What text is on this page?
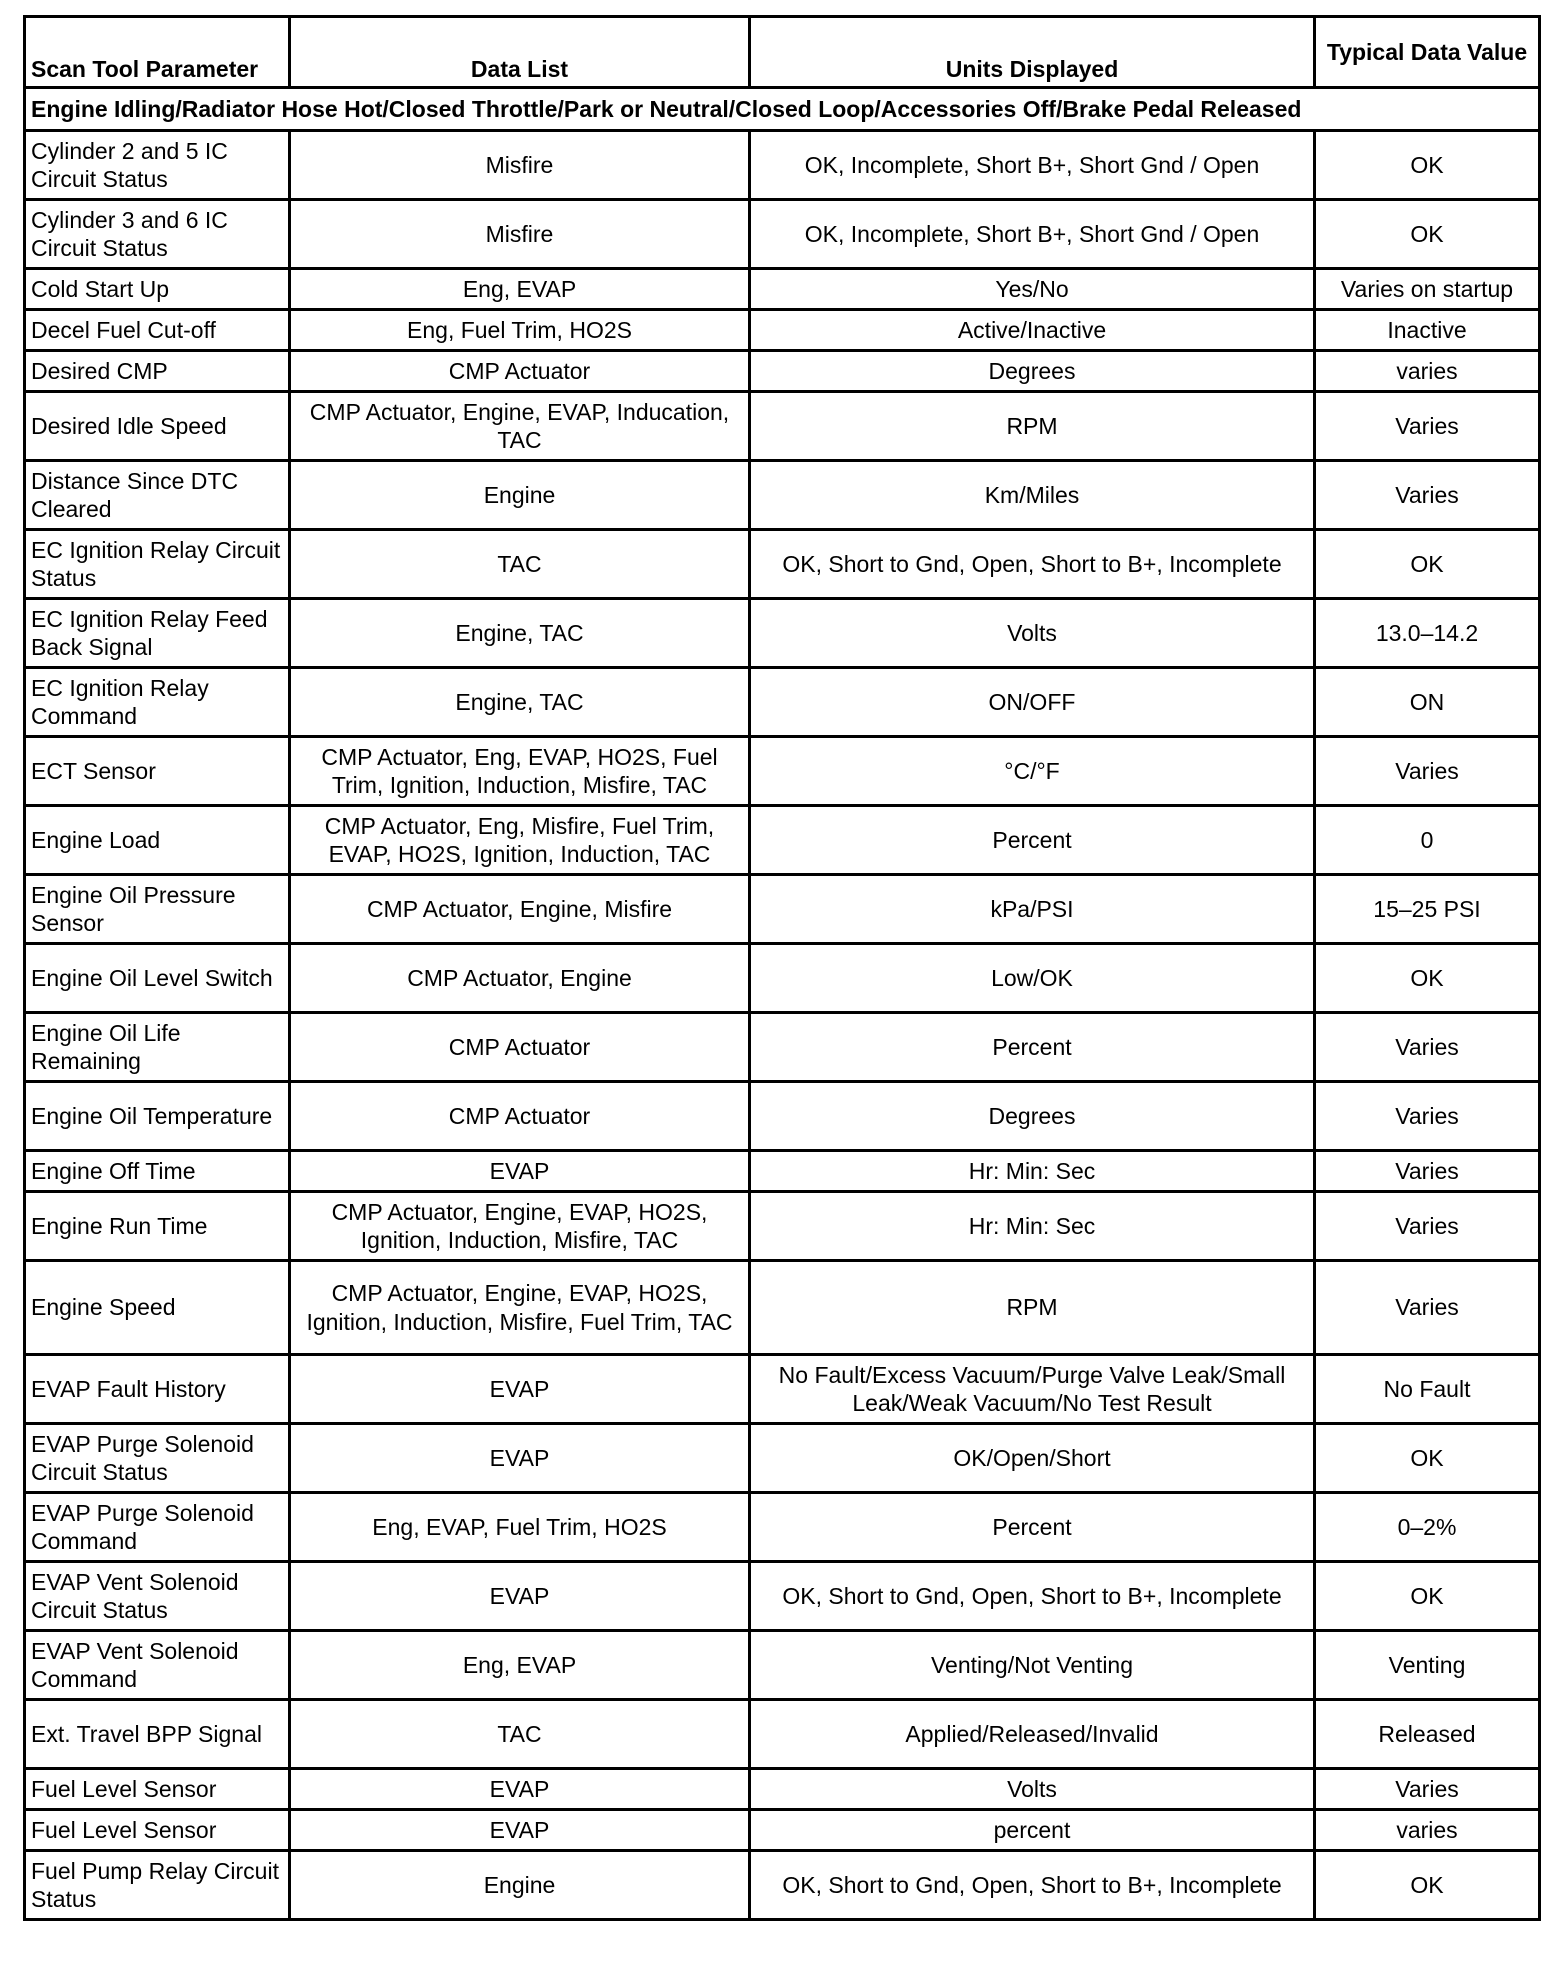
Scan Tool Parameter	Data List	Units Displayed	Typical Data Value
Engine Idling/Radiator Hose Hot/Closed Throttle/Park or Neutral/Closed Loop/Accessories Off/Brake Pedal Released			
Cylinder 2 and 5 IC Circuit Status	Misfire	OK, Incomplete, Short B+, Short Gnd / Open	OK
Cylinder 3 and 6 IC Circuit Status	Misfire	OK, Incomplete, Short B+, Short Gnd / Open	OK
Cold Start Up	Eng, EVAP	Yes/No	Varies on startup
Decel Fuel Cut-off	Eng, Fuel Trim, HO2S	Active/Inactive	Inactive
Desired CMP	CMP Actuator	Degrees	varies
Desired Idle Speed	CMP Actuator, Engine, EVAP, Inducation, TAC	RPM	Varies
Distance Since DTC Cleared	Engine	Km/Miles	Varies
EC Ignition Relay Circuit Status	TAC	OK, Short to Gnd, Open, Short to B+, Incomplete	OK
EC Ignition Relay Feed Back Signal	Engine, TAC	Volts	13.0–14.2
EC Ignition Relay Command	Engine, TAC	ON/OFF	ON
ECT Sensor	CMP Actuator, Eng, EVAP, HO2S, Fuel Trim, Ignition, Induction, Misfire, TAC	°C/°F	Varies
Engine Load	CMP Actuator, Eng, Misfire, Fuel Trim, EVAP, HO2S, Ignition, Induction, TAC	Percent	0
Engine Oil Pressure Sensor	CMP Actuator, Engine, Misfire	kPa/PSI	15–25 PSI
Engine Oil Level Switch	CMP Actuator, Engine	Low/OK	OK
Engine Oil Life Remaining	CMP Actuator	Percent	Varies
Engine Oil Temperature	CMP Actuator	Degrees	Varies
Engine Off Time	EVAP	Hr: Min: Sec	Varies
Engine Run Time	CMP Actuator, Engine, EVAP, HO2S, Ignition, Induction, Misfire, TAC	Hr: Min: Sec	Varies
Engine Speed	CMP Actuator, Engine, EVAP, HO2S, Ignition, Induction, Misfire, Fuel Trim, TAC	RPM	Varies
EVAP Fault History	EVAP	No Fault/Excess Vacuum/Purge Valve Leak/Small Leak/Weak Vacuum/No Test Result	No Fault
EVAP Purge Solenoid Circuit Status	EVAP	OK/Open/Short	OK
EVAP Purge Solenoid Command	Eng, EVAP, Fuel Trim, HO2S	Percent	0–2%
EVAP Vent Solenoid Circuit Status	EVAP	OK, Short to Gnd, Open, Short to B+, Incomplete	OK
EVAP Vent Solenoid Command	Eng, EVAP	Venting/Not Venting	Venting
Ext. Travel BPP Signal	TAC	Applied/Released/Invalid	Released
Fuel Level Sensor	EVAP	Volts	Varies
Fuel Level Sensor	EVAP	percent	varies
Fuel Pump Relay Circuit Status	Engine	OK, Short to Gnd, Open, Short to B+, Incomplete	OK
